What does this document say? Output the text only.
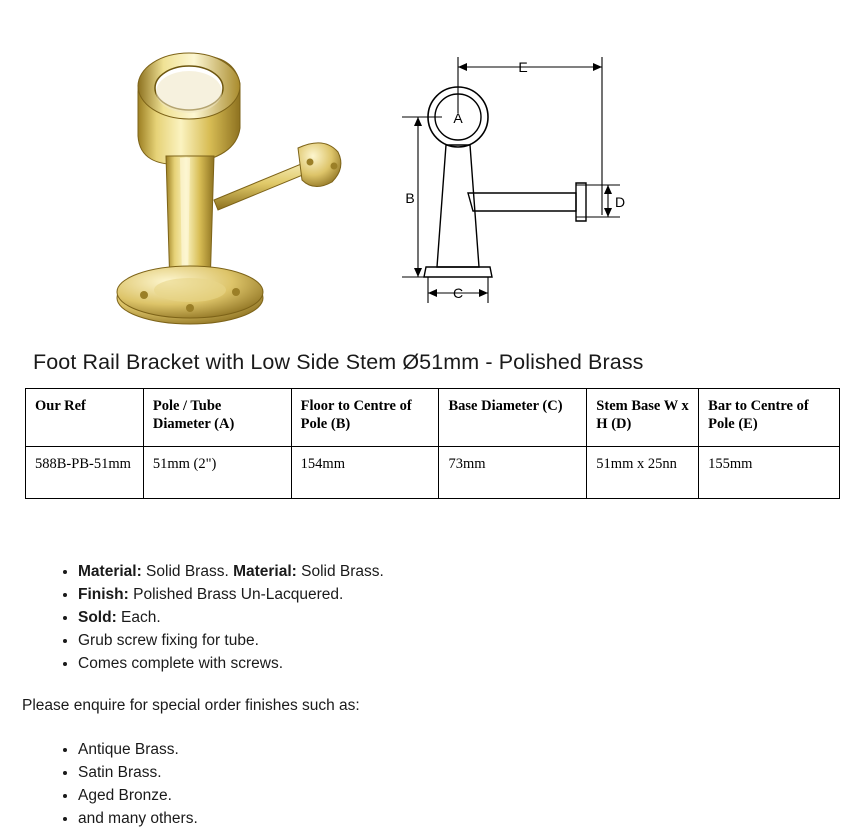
E
B
C
D
A
Foot Rail Bracket with Low Side Stem Ø51mm - Polished Brass
Our Ref	Pole / Tube Diameter (A)	Floor to Centre of Pole (B)	Base Diameter (C)	Stem Base W x H (D)	Bar to Centre of Pole (E)
588B-PB-51mm	51mm (2")	154mm	73mm	51mm x 25nn	155mm
• Material: Solid Brass. Material: Solid Brass.
• Finish: Polished Brass Un-Lacquered.
• Sold: Each.
• Grub screw fixing for tube.
• Comes complete with screws.
Please enquire for special order finishes such as:
• Antique Brass.
• Satin Brass.
• Aged Bronze.
• and many others.
